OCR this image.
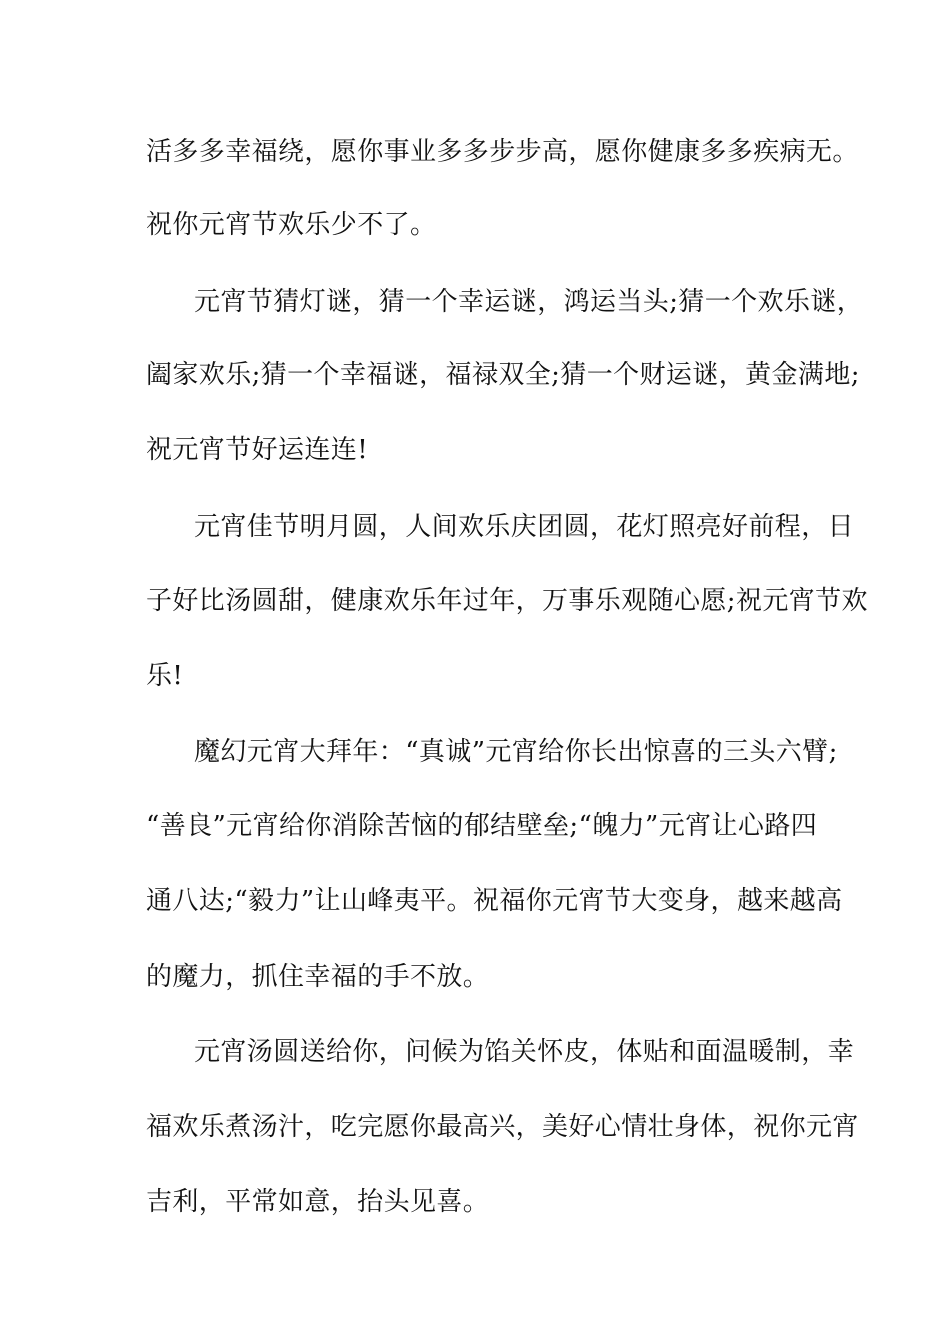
活多多幸福绕，愿你事业多多步步高，愿你健康多多疾病无。
祝你元宵节欢乐少不了。
元宵节猜灯谜，猜一个幸运谜，鸿运当头;猜一个欢乐谜，
阖家欢乐;猜一个幸福谜，福禄双全;猜一个财运谜，黄金满地;
祝元宵节好运连连!
元宵佳节明月圆，人间欢乐庆团圆，花灯照亮好前程，日
子好比汤圆甜，健康欢乐年过年，万事乐观随心愿;祝元宵节欢
乐!
魔幻元宵大拜年：“真诚”元宵给你长出惊喜的三头六臂;
“善良”元宵给你消除苦恼的郁结壁垒;“魄力”元宵让心路四
通八达;“毅力”让山峰夷平。祝福你元宵节大变身，越来越高
的魔力，抓住幸福的手不放。
元宵汤圆送给你，问候为馅关怀皮，体贴和面温暖制，幸
福欢乐煮汤汁，吃完愿你最高兴，美好心情壮身体，祝你元宵
吉利，平常如意，抬头见喜。
